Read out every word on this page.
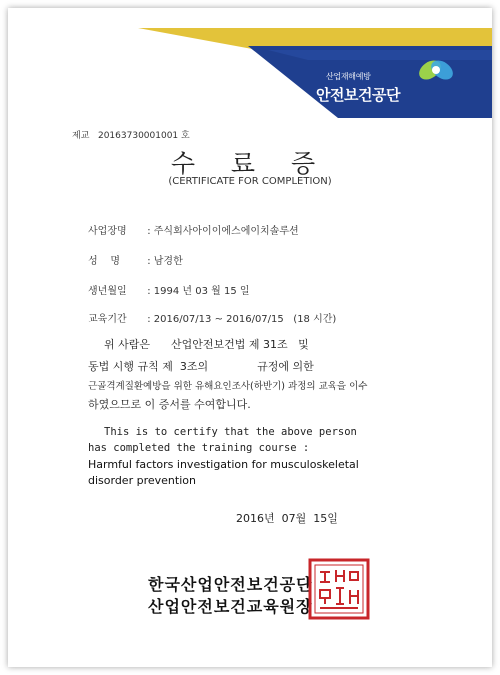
산업재해예방
안전보건공단
제교 20163730001001 호
수 료 증
(CERTIFICATE FOR COMPLETION)
사업장명 : 주식회사아이이에스에이치솔루션
성    명	: 남경한
생년월일 : 1994 년 03 월 15 일
교육기간 : 2016/07/13 ~ 2016/07/15   (18 시간)
위 사람은      산업안전보건법 제 31조   및
동법 시행 규칙 제  3조의              규정에 의한
근골격계질환예방을 위한 유해요인조사(하반기) 과정의 교육을 이수
하였으므로 이 증서를 수여합니다.
This is to certify that the above person
has completed the training course :
Harmful factors investigation for musculoskeletal
disorder prevention
2016년  07월  15일
한국산업안전보건공단
산업안전보건교육원장
